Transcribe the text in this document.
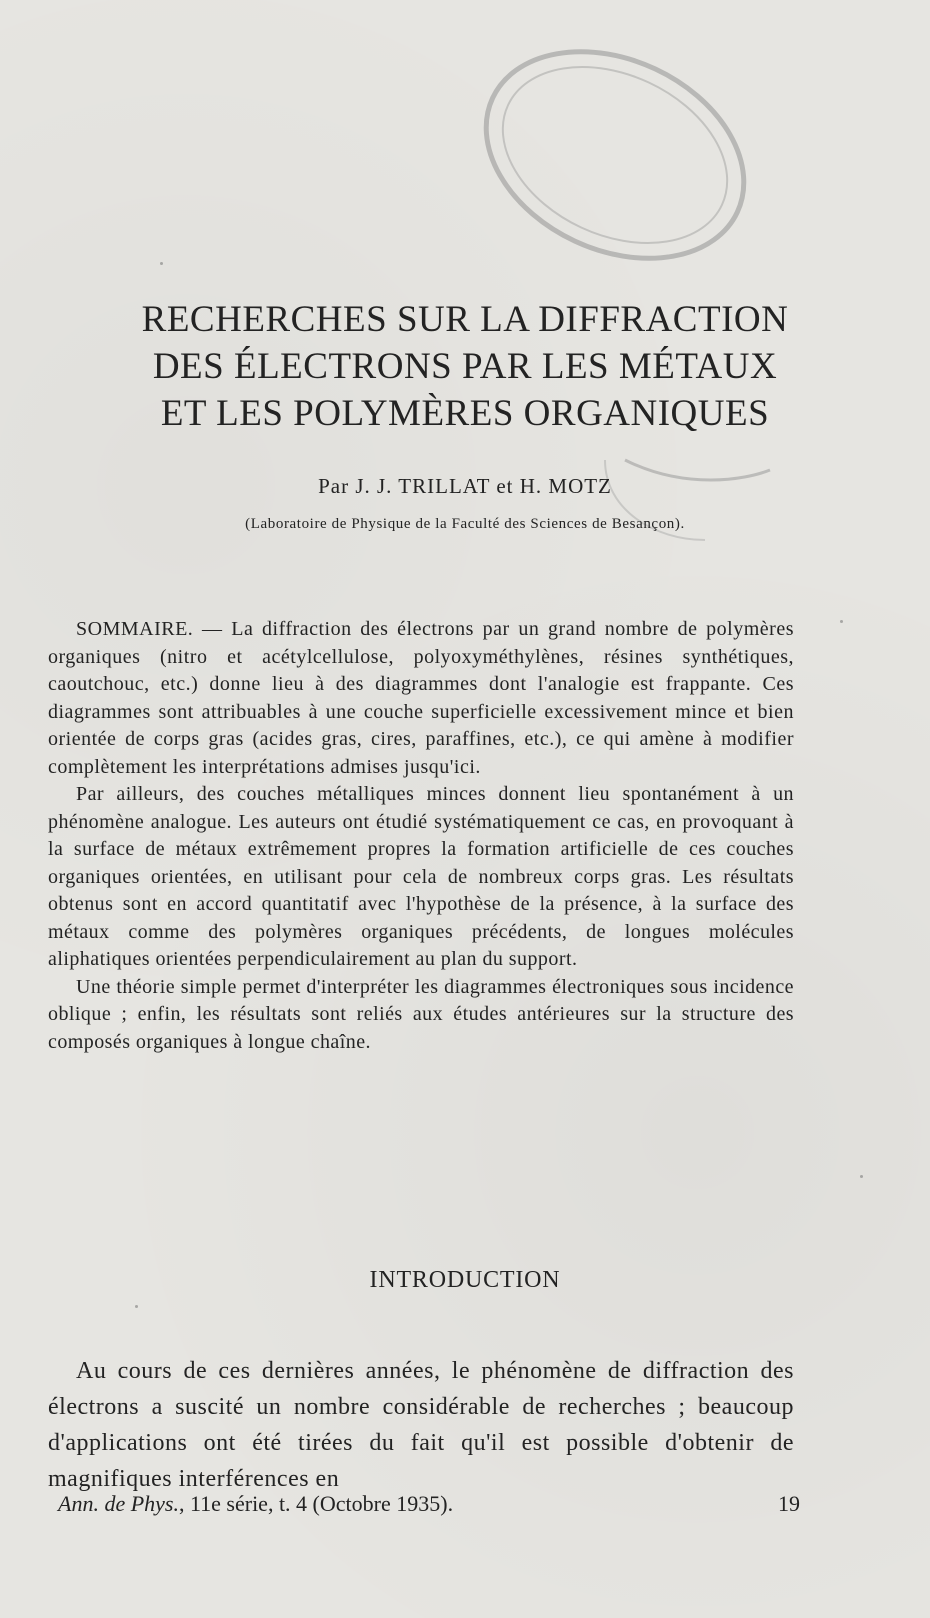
RECHERCHES SUR LA DIFFRACTION
DES ÉLECTRONS PAR LES MÉTAUX
ET LES POLYMÈRES ORGANIQUES
Par J. J. TRILLAT et H. MOTZ
(Laboratoire de Physique de la Faculté des Sciences de Besançon).

SOMMAIRE. — La diffraction des électrons par un grand nombre de polymères organiques (nitro et acétylcellulose, polyoxyméthylènes, résines synthétiques, caoutchouc, etc.) donne lieu à des diagrammes dont l'analogie est frappante. Ces diagrammes sont attribuables à une couche superficielle excessivement mince et bien orientée de corps gras (acides gras, cires, paraffines, etc.), ce qui amène à modifier complètement les interprétations admises jusqu'ici.

Par ailleurs, des couches métalliques minces donnent lieu spontanément à un phénomène analogue. Les auteurs ont étudié systématiquement ce cas, en provoquant à la surface de métaux extrêmement propres la formation artificielle de ces couches organiques orientées, en utilisant pour cela de nombreux corps gras. Les résultats obtenus sont en accord quantitatif avec l'hypothèse de la présence, à la surface des métaux comme des polymères organiques précédents, de longues molécules aliphatiques orientées perpendiculairement au plan du support.

Une théorie simple permet d'interpréter les diagrammes électroniques sous incidence oblique ; enfin, les résultats sont reliés aux études antérieures sur la structure des composés organiques à longue chaîne.

INTRODUCTION

Au cours de ces dernières années, le phénomène de diffraction des électrons a suscité un nombre considérable de recherches ; beaucoup d'applications ont été tirées du fait qu'il est possible d'obtenir de magnifiques interférences en

Ann. de Phys., 11e série, t. 4 (Octobre 1935).	19
